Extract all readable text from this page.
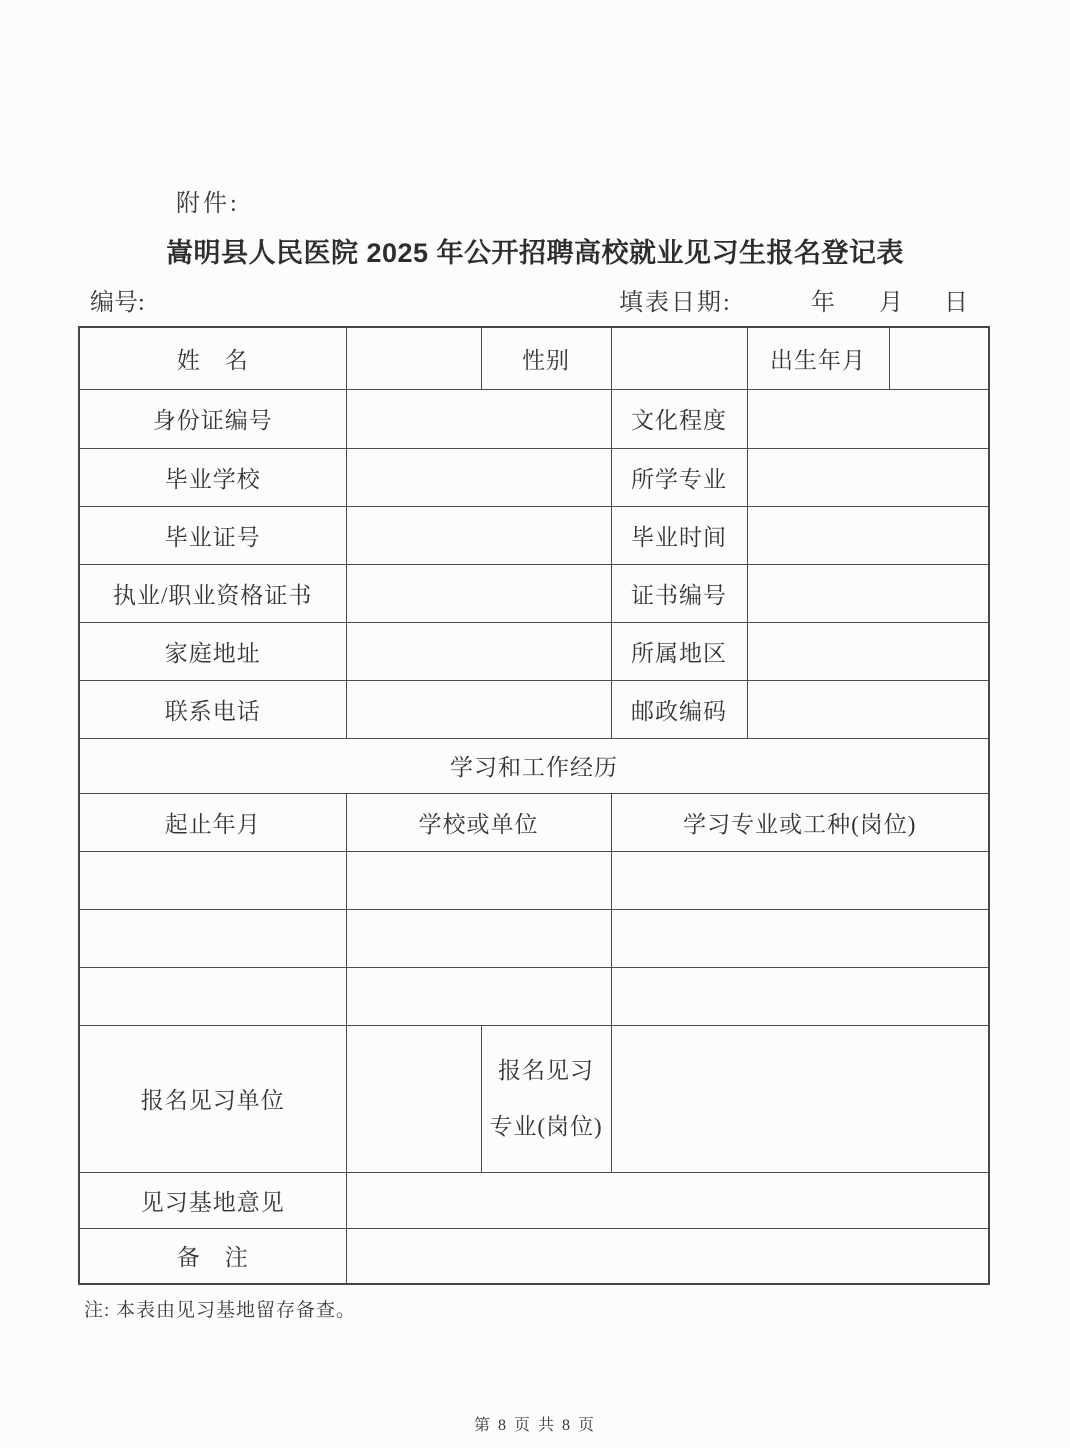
附件:
嵩明县人民医院 2025 年公开招聘高校就业见习生报名登记表
编号:	填表日期:	年 月 日
姓　名		性别		出生年月	
身份证编号			文化程度		
毕业学校			所学专业		
毕业证号			毕业时间		
执业/职业资格证书			证书编号		
家庭地址			所属地区		
联系电话			邮政编码		
学习和工作经历					
起止年月	学校或单位		学习专业或工种(岗位)		

报名见习单位		报名见习专业(岗位)			
见习基地意见					
备　注					
注: 本表由见习基地留存备查。
第 8 页 共 8 页
